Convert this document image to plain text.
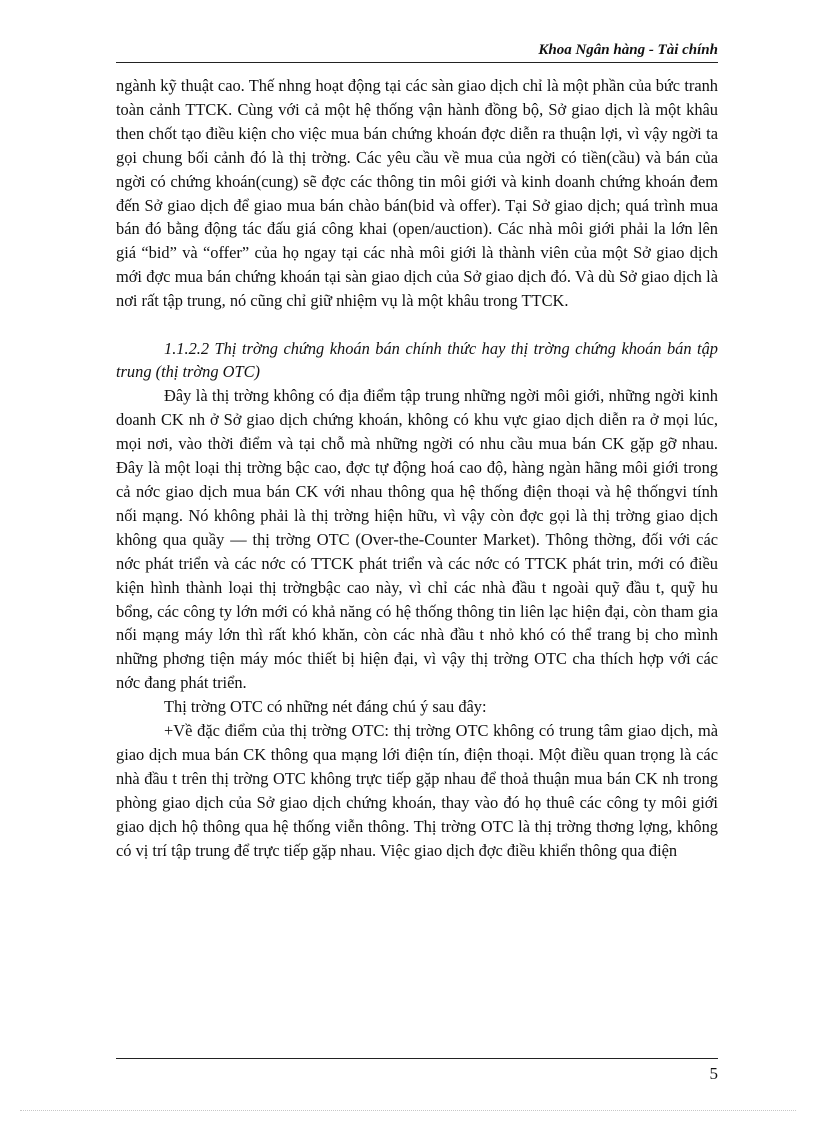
Khoa Ngân hàng - Tài chính

ngành kỹ thuật cao. Thế nhng hoạt động tại các sàn giao dịch chỉ là một phần của bức tranh toàn cảnh TTCK. Cùng với cả một hệ thống vận hành đồng bộ, Sở giao dịch là một khâu then chốt tạo điều kiện cho việc mua bán chứng khoán đợc diễn ra thuận lợi, vì vậy ngời ta gọi chung bối cảnh đó là thị trờng. Các yêu cầu về mua của ngời có tiền(cầu) và bán của ngời có chứng khoán(cung) sẽ đợc các thông tin môi giới và kinh doanh chứng khoán đem đến Sở giao dịch để giao mua bán chào bán(bid và offer). Tại Sở giao dịch; quá trình mua bán đó bằng động tác đấu giá công khai (open/auction). Các nhà môi giới phải la lớn lên giá “bid” và “offer” của họ ngay tại các nhà môi giới là thành viên của một Sở giao dịch mới đợc mua bán chứng khoán tại sàn giao dịch của Sở giao dịch đó. Và dù Sở giao dịch là nơi rất tập trung, nó cũng chỉ giữ nhiệm vụ là một khâu trong TTCK.

1.1.2.2 Thị trờng chứng khoán bán chính thức hay thị trờng chứng khoán bán tập trung (thị trờng OTC)

Đây là thị trờng không có địa điểm tập trung những ngời môi giới, những ngời kinh doanh CK nh ở Sở giao dịch chứng khoán, không có khu vực giao dịch diễn ra ở mọi lúc, mọi nơi, vào thời điểm và tại chỗ mà những ngời có nhu cầu mua bán CK gặp gỡ nhau. Đây là một loại thị trờng bậc cao, đợc tự động hoá cao độ, hàng ngàn hãng môi giới trong cả nớc giao dịch mua bán CK với nhau thông qua hệ thống điện thoại và hệ thốngvi tính nối mạng. Nó không phải là thị trờng hiện hữu, vì vậy còn đợc gọi là thị trờng giao dịch không qua quầy — thị trờng OTC (Over-the-Counter Market). Thông thờng, đối với các nớc phát triển và các nớc có TTCK phát triển và các nớc có TTCK phát trin, mới có điều kiện hình thành loại thị trờngbậc cao này, vì chỉ các nhà đầu t ngoài quỹ đầu t, quỹ hu bổng, các công ty lớn mới có khả năng có hệ thống thông tin liên lạc hiện đại, còn tham gia nối mạng máy lớn thì rất khó khăn, còn các nhà đầu t nhỏ khó có thể trang bị cho mình những phơng tiện máy móc thiết bị hiện đại, vì vậy thị trờng OTC cha thích hợp với các nớc đang phát triển.

Thị trờng OTC có những nét đáng chú ý sau đây:

+Về đặc điểm của thị trờng OTC: thị trờng OTC không có trung tâm giao dịch, mà giao dịch mua bán CK thông qua mạng lới điện tín, điện thoại. Một điều quan trọng là các nhà đầu t trên thị trờng OTC không trực tiếp gặp nhau để thoả thuận mua bán CK nh trong phòng giao dịch của Sở giao dịch chứng khoán, thay vào đó họ thuê các công ty môi giới giao dịch hộ thông qua hệ thống viễn thông. Thị trờng OTC là thị trờng thơng lợng, không có vị trí tập trung để trực tiếp gặp nhau. Việc giao dịch đợc điều khiển thông qua điện

5
